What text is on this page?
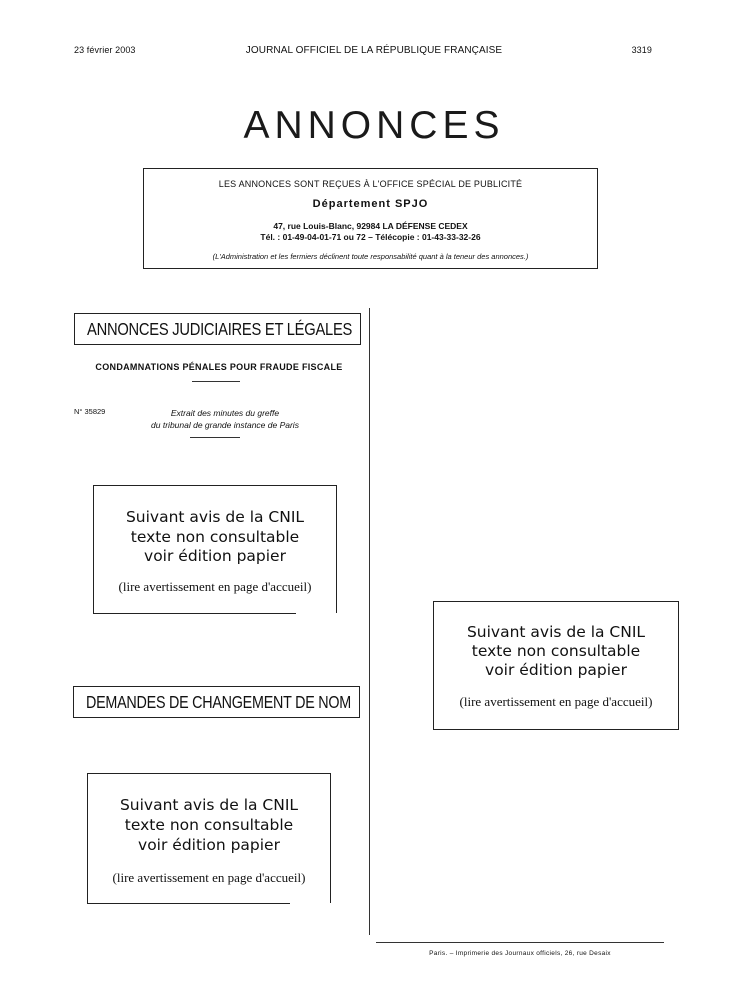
23 février 2003	JOURNAL OFFICIEL DE LA RÉPUBLIQUE FRANÇAISE	3319
ANNONCES
LES ANNONCES SONT REÇUES À L'OFFICE SPÉCIAL DE PUBLICITÉ
Département SPJO
47, rue Louis-Blanc, 92984 LA DÉFENSE CEDEX
Tél. : 01-49-04-01-71 ou 72 – Télécopie : 01-43-33-32-26
(L'Administration et les fermiers déclinent toute responsabilité quant à la teneur des annonces.)
ANNONCES JUDICIAIRES ET LÉGALES
CONDAMNATIONS PÉNALES POUR FRAUDE FISCALE
N° 35829	Extrait des minutes du greffe
du tribunal de grande instance de Paris
Suivant avis de la CNIL
texte non consultable
voir édition papier
(lire avertissement en page d'accueil)
DEMANDES DE CHANGEMENT DE NOM
Suivant avis de la CNIL
texte non consultable
voir édition papier
(lire avertissement en page d'accueil)
Suivant avis de la CNIL
texte non consultable
voir édition papier
(lire avertissement en page d'accueil)
Paris. – Imprimerie des Journaux officiels, 26, rue Desaix
